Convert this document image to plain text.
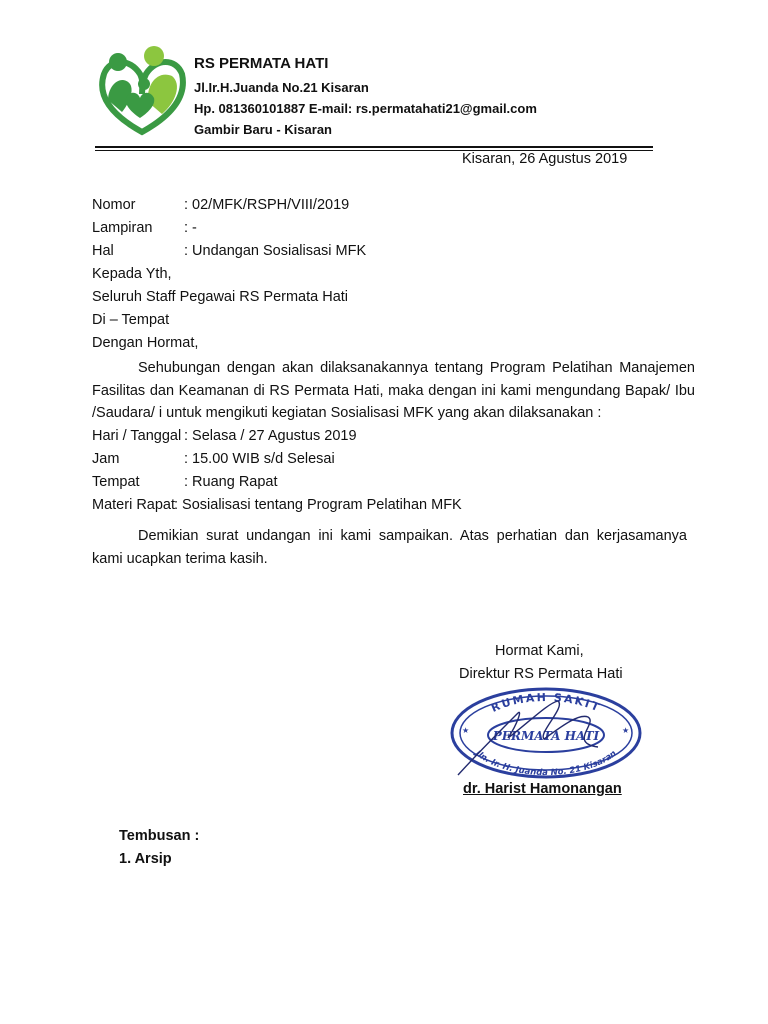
RS PERMATA HATI
Jl.Ir.H.Juanda No.21 Kisaran
Hp. 081360101887 E-mail: rs.permatahati21@gmail.com
Gambir Baru - Kisaran
Kisaran, 26 Agustus 2019
Nomor	: 02/MFK/RSPH/VIII/2019
Lampiran : -
Hal	: Undangan Sosialisasi MFK
Kepada Yth,
Seluruh Staff Pegawai RS Permata Hati
Di – Tempat
Dengan Hormat,
Sehubungan dengan akan dilaksanakannya tentang Program Pelatihan Manajemen Fasilitas dan Keamanan di RS Permata Hati, maka dengan ini kami mengundang Bapak/ Ibu /Saudara/ i untuk mengikuti kegiatan Sosialisasi MFK yang akan dilaksanakan :
Hari / Tanggal : Selasa / 27 Agustus 2019
Jam	: 15.00 WIB s/d Selesai
Tempat	: Ruang Rapat
Materi Rapat
: Sosialisasi tentang Program Pelatihan MFK
Demikian surat undangan ini kami sampaikan. Atas perhatian dan kerjasamanya kami ucapkan terima kasih.
Hormat Kami,
Direktur RS Permata Hati
RUMAH SAKIT
PERMATA HATI
Jln. Ir. H. Juanda No. 21 Kisaran
★	★
dr. Harist Hamonangan
Tembusan :
1. Arsip
